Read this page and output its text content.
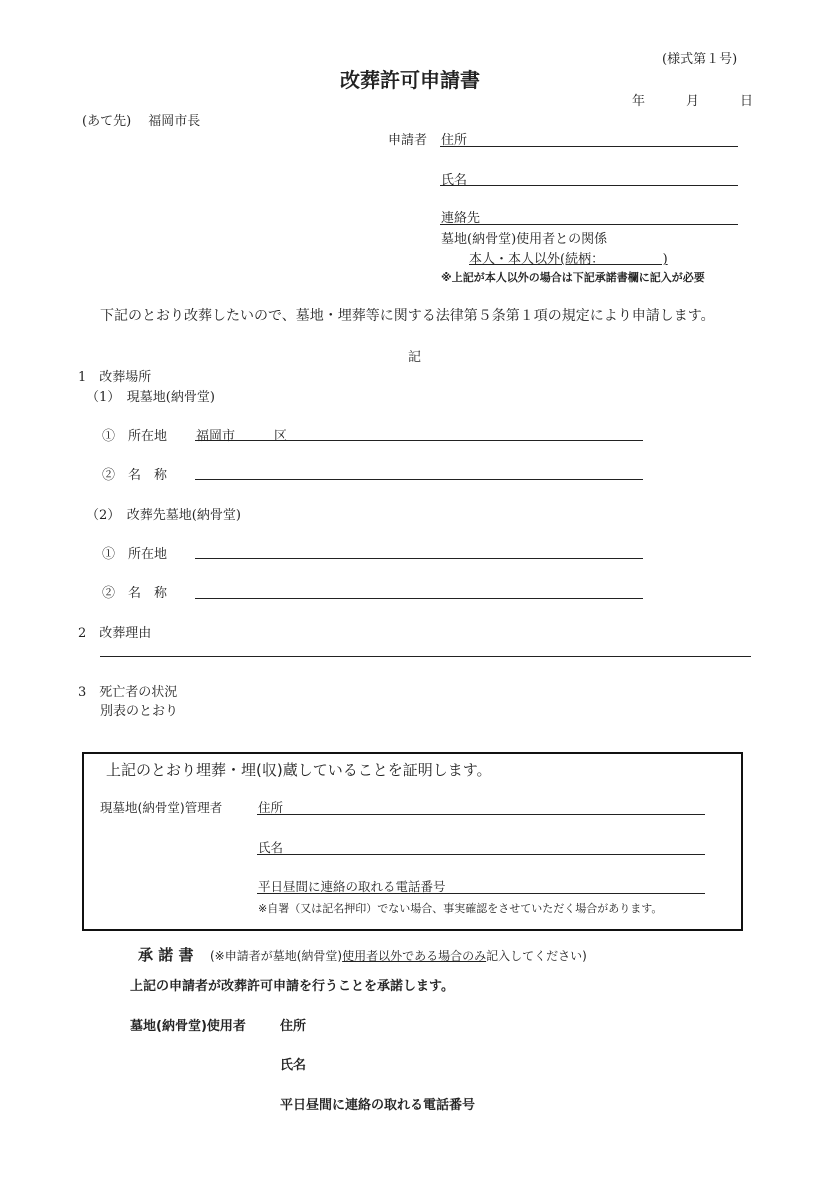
(様式第１号)
改葬許可申請書
年	月	日
(あて先)　 福岡市長
申請者 住所
氏名
連絡先
墓地(納骨堂)使用者との関係
本人・本人以外(続柄：　　　　　)
※上記が本人以外の場合は下記承諾書欄に記入が必要
下記のとおり改葬したいので、墓地・埋葬等に関する法律第５条第１項の規定により申請します。
記
1　改葬場所
（1）　現墓地(納骨堂)
①　所在地 福岡市　　　区
②　名　称
（2）　改葬先墓地(納骨堂)
①　所在地
②　名　称
2　改葬理由
3　死亡者の状況
別表のとおり
上記のとおり埋葬・埋(収)蔵していることを証明します。
現墓地(納骨堂)管理者	住所
氏名
平日昼間に連絡の取れる電話番号
※自署（又は記名押印）でない場合、事実確認をさせていただく場合があります。
承 諾 書 (※申請者が墓地(納骨堂)使用者以外である場合のみ記入してください)
上記の申請者が改葬許可申請を行うことを承諾します。
墓地(納骨堂)使用者	住所
氏名
平日昼間に連絡の取れる電話番号
